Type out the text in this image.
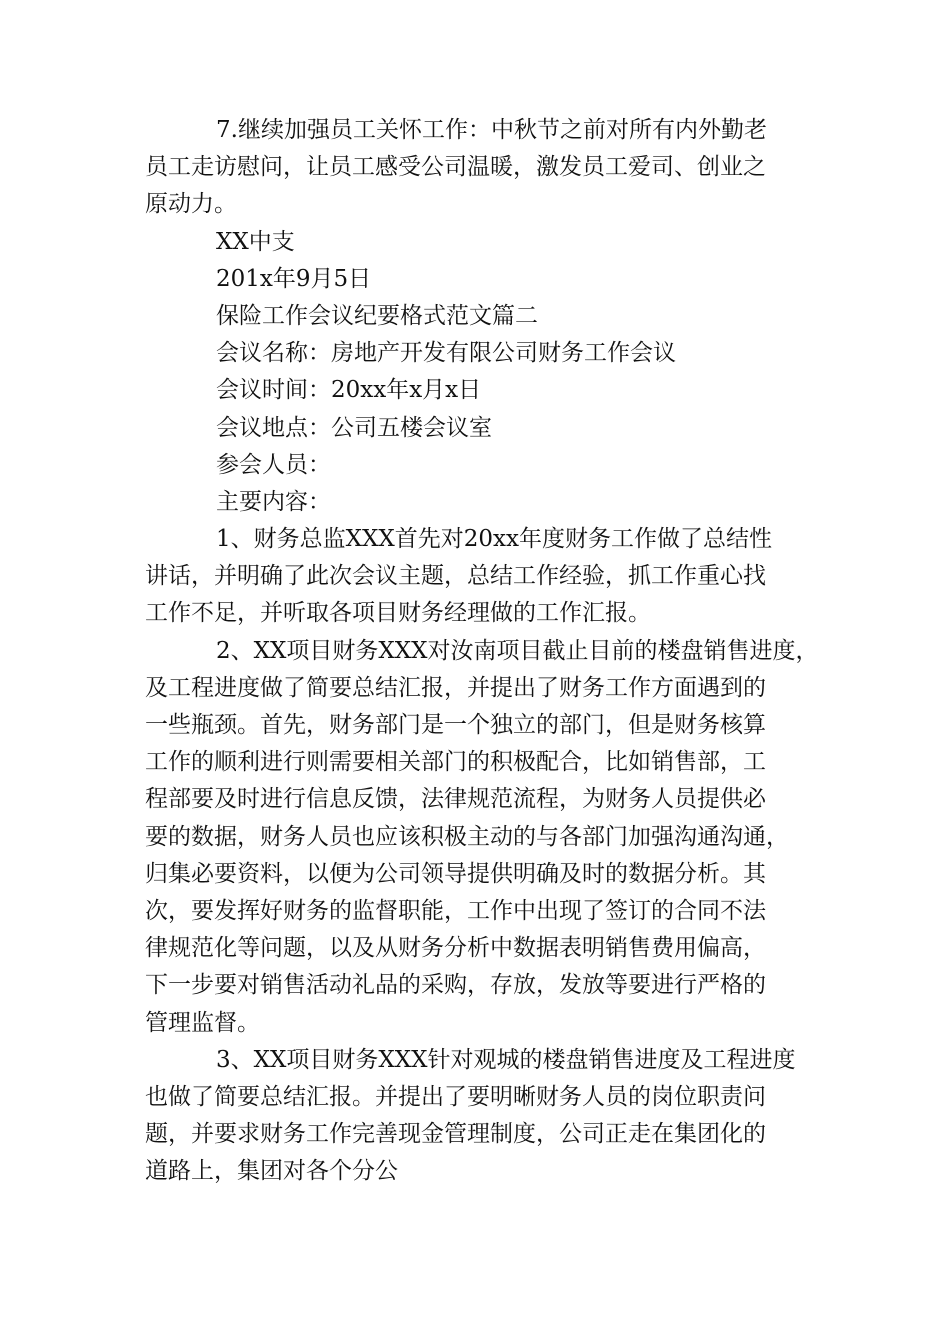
7.继续加强员工关怀工作：中秋节之前对所有内外勤老

员工走访慰问，让员工感受公司温暖，激发员工爱司、创业之

原动力。

XX中支

201x年9月5日

保险工作会议纪要格式范文篇二

会议名称：房地产开发有限公司财务工作会议

会议时间：20xx年x月x日

会议地点：公司五楼会议室

参会人员：

主要内容：

1、财务总监XXX首先对20xx年度财务工作做了总结性

讲话，并明确了此次会议主题，总结工作经验，抓工作重心找

工作不足，并听取各项目财务经理做的工作汇报。

2、XX项目财务XXX对汝南项目截止目前的楼盘销售进度，

及工程进度做了简要总结汇报，并提出了财务工作方面遇到的

一些瓶颈。首先，财务部门是一个独立的部门，但是财务核算

工作的顺利进行则需要相关部门的积极配合，比如销售部，工

程部要及时进行信息反馈，法律规范流程，为财务人员提供必

要的数据，财务人员也应该积极主动的与各部门加强沟通沟通，

归集必要资料，以便为公司领导提供明确及时的数据分析。其

次，要发挥好财务的监督职能，工作中出现了签订的合同不法

律规范化等问题，以及从财务分析中数据表明销售费用偏高，

下一步要对销售活动礼品的采购，存放，发放等要进行严格的

管理监督。

3、XX项目财务XXX针对观城的楼盘销售进度及工程进度

也做了简要总结汇报。并提出了要明晰财务人员的岗位职责问

题，并要求财务工作完善现金管理制度，公司正走在集团化的

道路上，集团对各个分公
